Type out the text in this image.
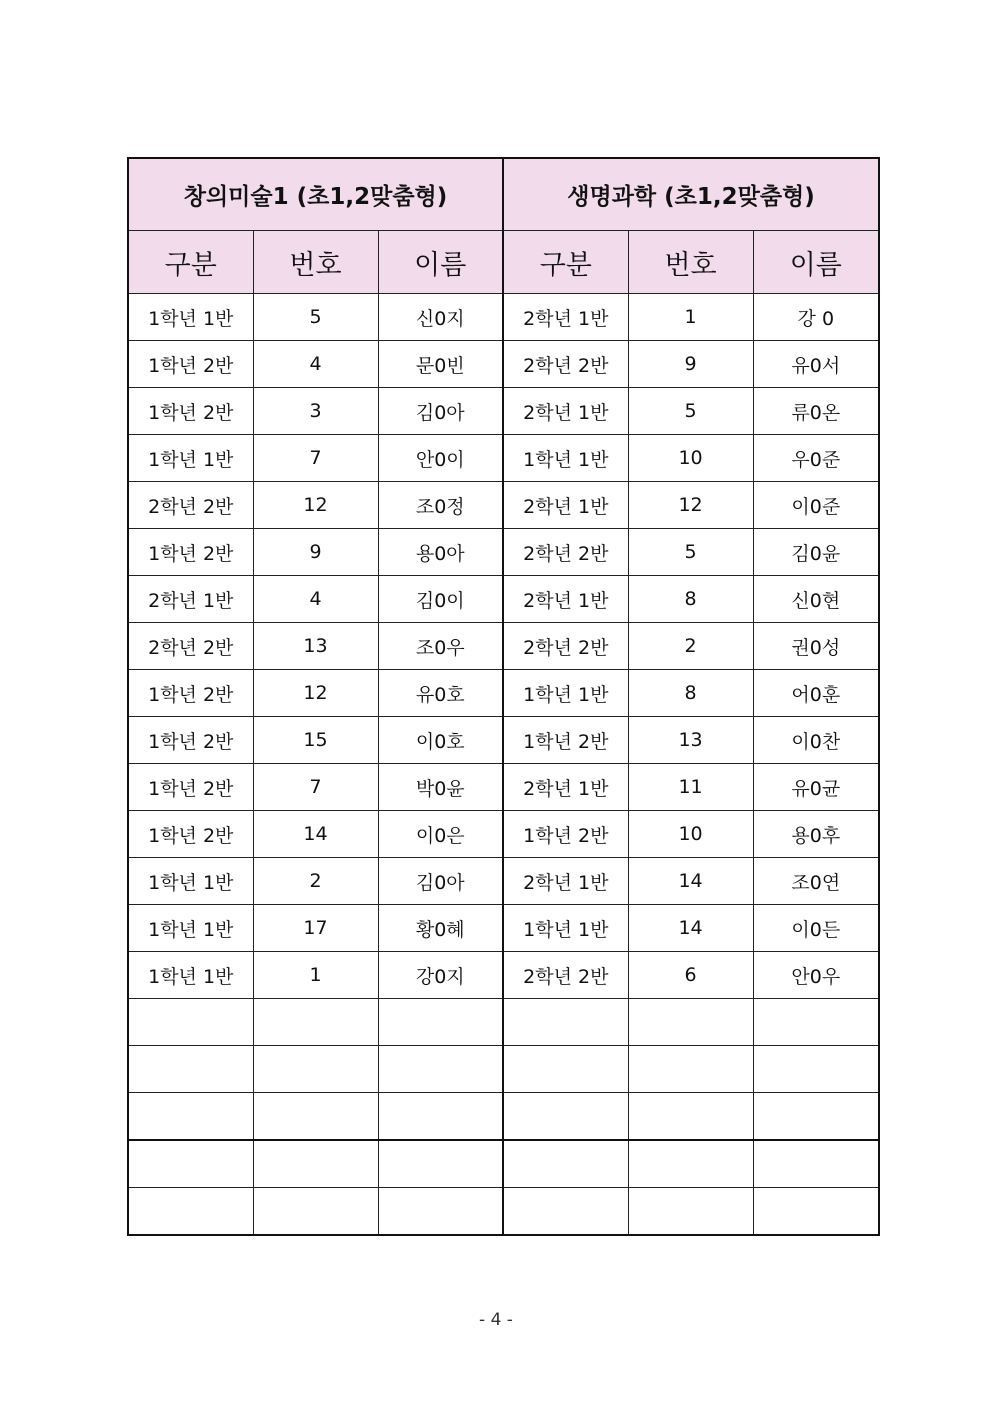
창의미술1 (초1,2맞춤형)			생명과학 (초1,2맞춤형)		
구분	번호	이름	구분	번호	이름
1학년 1반	5	신0지	2학년 1반	1	강 0
1학년 2반	4	문0빈	2학년 2반	9	유0서
1학년 2반	3	김0아	2학년 1반	5	류0온
1학년 1반	7	안0이	1학년 1반	10	우0준
2학년 2반	12	조0정	2학년 1반	12	이0준
1학년 2반	9	용0아	2학년 2반	5	김0윤
2학년 1반	4	김0이	2학년 1반	8	신0현
2학년 2반	13	조0우	2학년 2반	2	권0성
1학년 2반	12	유0호	1학년 1반	8	어0훈
1학년 2반	15	이0호	1학년 2반	13	이0찬
1학년 2반	7	박0윤	2학년 1반	11	유0균
1학년 2반	14	이0은	1학년 2반	10	용0후
1학년 1반	2	김0아	2학년 1반	14	조0연
1학년 1반	17	황0혜	1학년 1반	14	이0든
1학년 1반	1	강0지	2학년 2반	6	안0우

- 4 -
